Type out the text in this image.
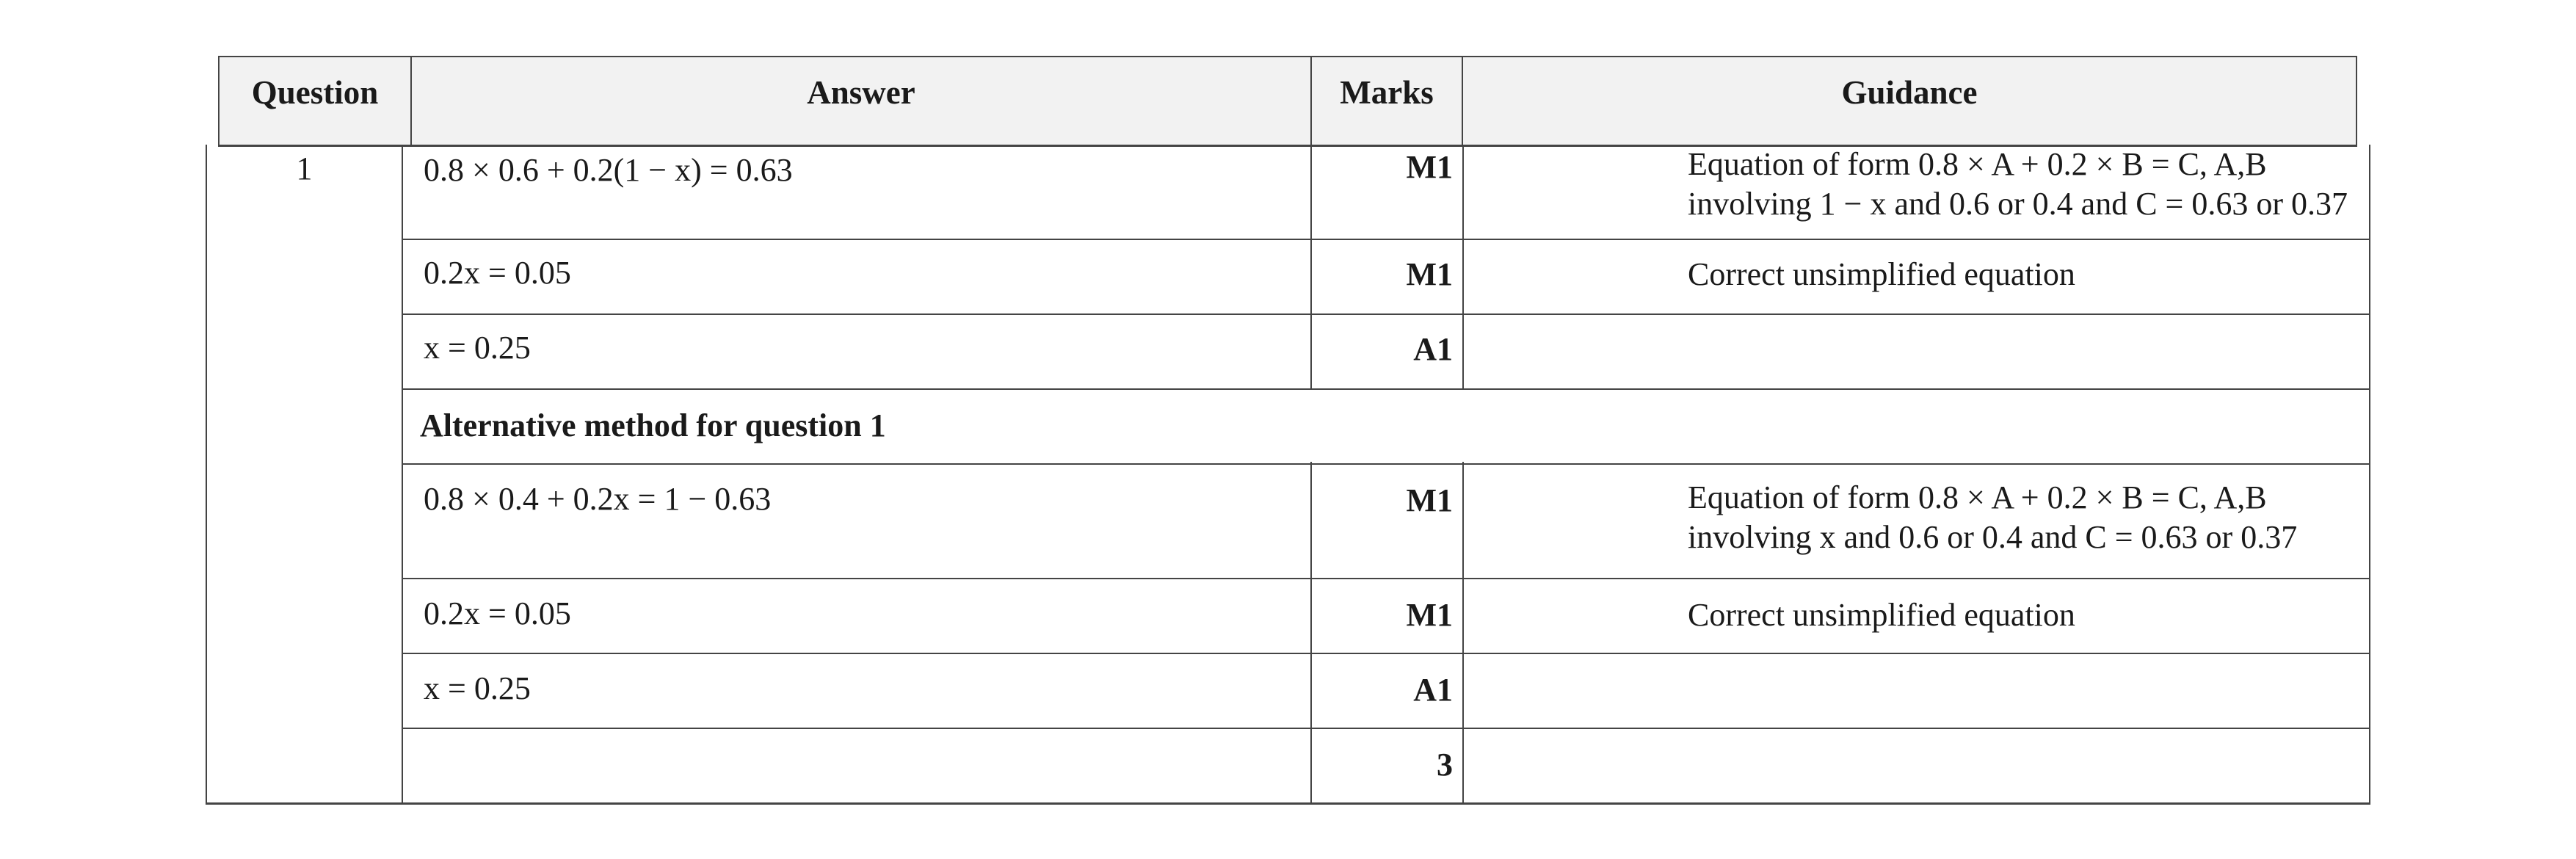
Question	Answer	Marks	Guidance
1	0.8 × 0.6 + 0.2(1 − x) = 0.63	M1	Equation of form 0.8 × A + 0.2 × B = C, A,B involving 1 − x and 0.6 or 0.4 and C = 0.63 or 0.37
0.2x = 0.05	M1	Correct unsimplified equation
x = 0.25	A1
Alternative method for question 1
0.8 × 0.4 + 0.2x = 1 − 0.63	M1	Equation of form 0.8 × A + 0.2 × B = C, A,B involving x and 0.6 or 0.4 and C = 0.63 or 0.37
0.2x = 0.05	M1	Correct unsimplified equation
x = 0.25	A1
3
